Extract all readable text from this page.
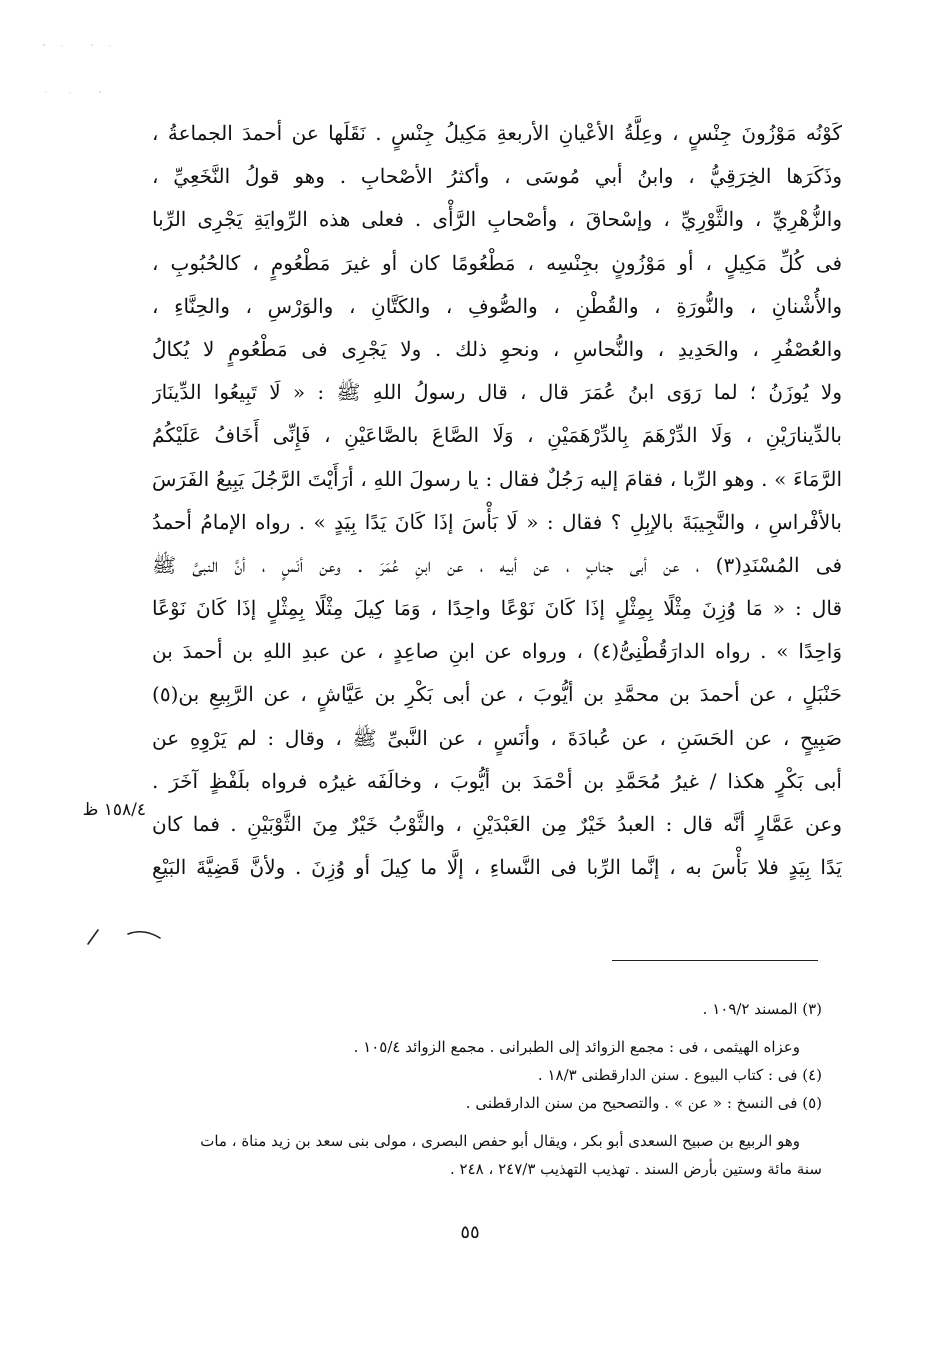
كَوْنُه مَوْزُونَ جِنْسٍ ، وعِلَّةُ الأعْيانِ الأربعةِ مَكِيلُ جِنْسٍ . نَقَلَها عن أحمدَ الجماعةُ ،
وذَكَرَها الخِرَقِيُّ ، وابنُ أبي مُوسَى ، وأكثرُ الأصْحابِ . وهو قولُ النَّخَعِيِّ ،
والزُّهْرِيِّ ، والثَّوْرِيِّ ، وإسْحاقَ ، وأصْحابِ الرَّأْى . فعلى هذه الرِّوايَةِ يَجْرِى الرِّبا
فى كُلِّ مَكِيلٍ ، أو مَوْزُونٍ بجِنْسِه ، مَطْعُومًا كان أو غيرَ مَطْعُومٍ ، كالحُبُوبِ ،
والأُشْنانِ ، والنُّورَةِ ، والقُطْنِ ، والصُّوفِ ، والكَتَّانِ ، والوَرْسِ ، والحِنَّاءِ ،
والعُصْفُرِ ، والحَدِيدِ ، والنُّحاسِ ، ونحوِ ذلك . ولا يَجْرِى فى مَطْعُومٍ لا يُكالُ
ولا يُوزَنُ ؛ لما رَوَى ابنُ عُمَرَ قال ، قال رسولُ اللهِ ﷺ : « لَا تَبِيعُوا الدِّينَارَ
بالدِّينارَيْنِ ، وَلَا الدِّرْهَمَ بِالدِّرْهَمَيْنِ ، وَلَا الصَّاعَ بالصَّاعَيْنِ ، فَإِنِّى أَخَافُ عَلَيْكُمُ
الرَّمَاءَ » . وهو الرِّبا ، فقامَ إليه رَجُلٌ فقال : يا رسولَ اللهِ ، أرَأَيْتَ الرَّجُلَ يَبِيعُ الفَرَسَ
بالأفْراسِ ، والنَّجِيبَةَ بالإبِلِ ؟ فقال : « لَا بَأْسَ إذَا كَانَ يَدًا بِيَدٍ » . رواه الإمامُ أحمدُ
فى المُسْنَدِ(٣) ، عن أبى جنابٍ ، عن أبيه ، عن ابنِ عُمَرَ . وعن أنَسٍ ، أنَّ النبىَّ ﷺ
قال : « مَا وُزِنَ مِثْلًا بِمِثْلٍ إذَا كَانَ نَوْعًا واحِدًا ، وَمَا كِيلَ مِثْلًا بِمِثْلٍ إذَا كَانَ نَوْعًا
وَاحِدًا » . رواه الدارَقُطْنِىُّ(٤) ، ورواه عن ابنِ صاعِدٍ ، عن عبدِ اللهِ بن أحمدَ بن
حَنْبَلٍ ، عن أحمدَ بن محمَّدِ بن أيُّوبَ ، عن أبى بَكْرِ بن عَيَّاشٍ ، عن الرَّبِيعِ بن(٥)
صَبِيحٍ ، عن الحَسَنِ ، عن عُبادَةَ ، وأنَسٍ ، عن النَّبىِّ ﷺ ، وقال : لم يَرْوِهِ عن
أبى بَكْرٍ هكذا / غيرُ مُحَمَّدِ بن أحْمَدَ بن أيُّوبَ ، وخالَفَه غيرُه فرواه بلَفْظٍ آخَرَ .
وعن عَمَّارٍ أنَّه قال : العبدُ خَيْرٌ مِن العَبْدَيْنِ ، والثَّوْبُ خَيْرٌ مِنَ الثَّوْبَيْنِ . فما كان
يَدًا بِيَدٍ فلا بَأْسَ به ، إنَّما الرِّبا فى النَّساءِ ، إلَّا ما كِيلَ أو وُزِنَ . ولأنَّ قَضِيَّةَ البَيْعِ
١٥٨/٤ ظ
(٣) المسند ١٠٩/٢ .
وعزاه الهيثمى ، فى : مجمع الزوائد إلى الطبرانى . مجمع الزوائد ١٠٥/٤ .
(٤) فى : كتاب البيوع . سنن الدارقطنى ١٨/٣ .
(٥) فى النسخ : « عن » . والتصحيح من سنن الدارقطنى .
وهو الربيع بن صبيح السعدى أبو بكر ، ويقال أبو حفص البصرى ، مولى بنى سعد بن زيد مناة ، مات
سنة مائة وستين بأرض السند . تهذيب التهذيب ٢٤٧/٣ ، ٢٤٨ .
٥٥
